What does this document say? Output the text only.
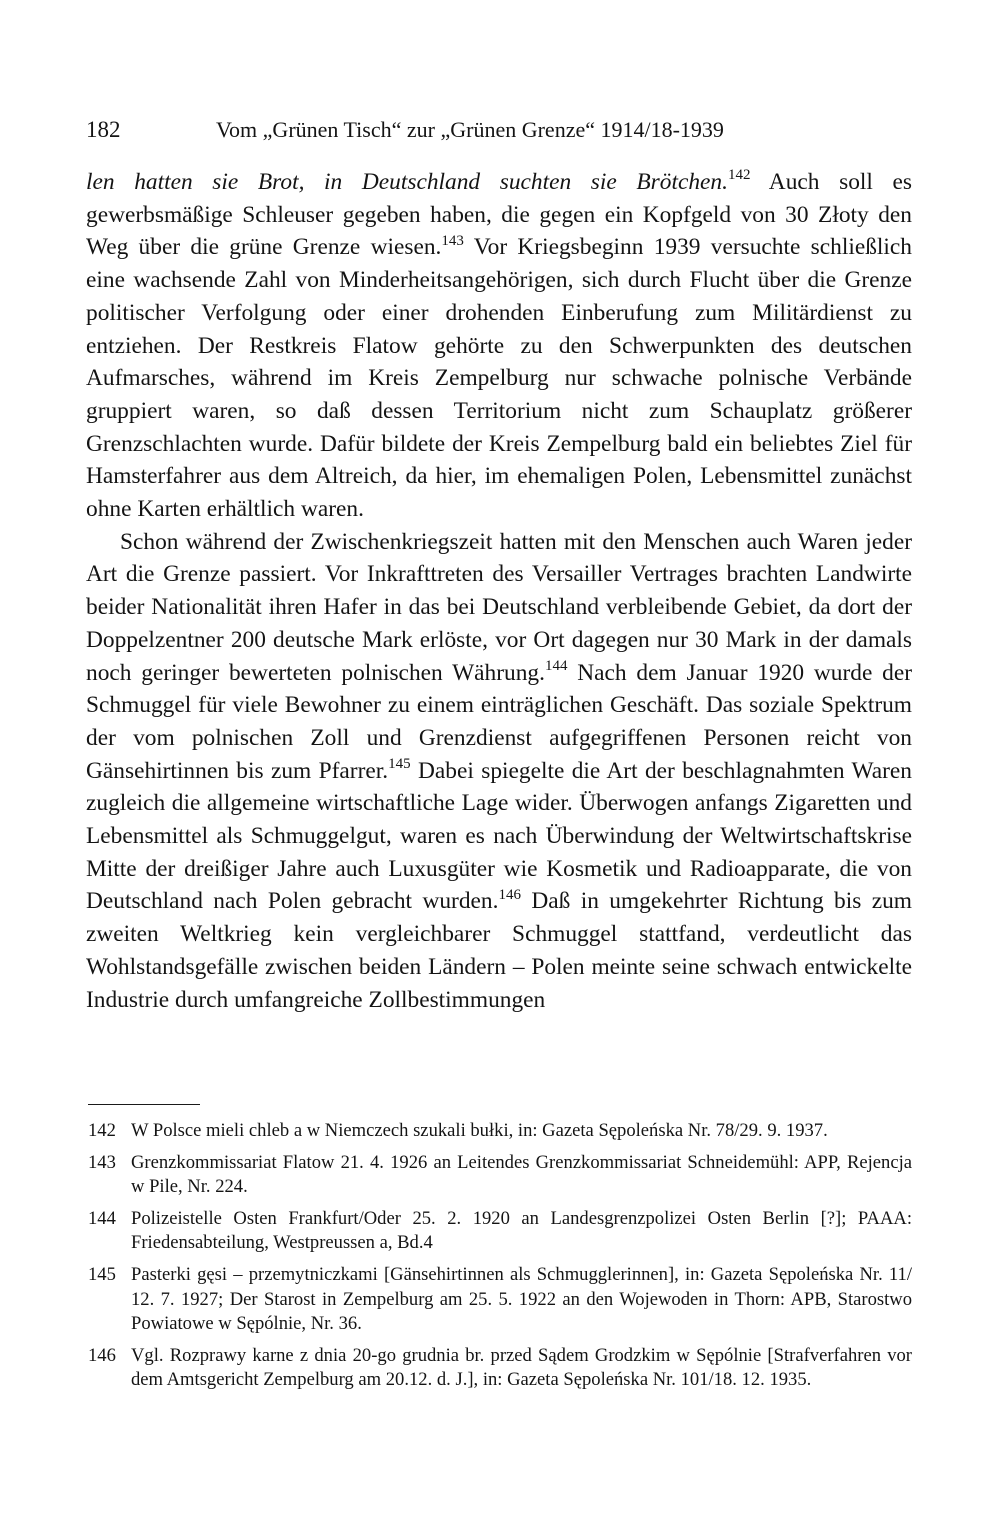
182	Vom „Grünen Tisch“ zur „Grünen Grenze“ 1914/18-1939

len hatten sie Brot, in Deutschland suchten sie Brötchen.$^{142}$ Auch soll es gewerbsmäßige Schleuser gegeben haben, die gegen ein Kopfgeld von 30 Złoty den Weg über die grüne Grenze wiesen.$^{143}$ Vor Kriegsbeginn 1939 versuchte schließlich eine wachsende Zahl von Minderheitsangehörigen, sich durch Flucht über die Grenze politischer Verfolgung oder einer drohenden Einberufung zum Militärdienst zu entziehen. Der Restkreis Flatow gehörte zu den Schwerpunkten des deutschen Aufmarsches, während im Kreis Zempelburg nur schwache polnische Verbände gruppiert waren, so daß dessen Territorium nicht zum Schauplatz größerer Grenzschlachten wurde. Dafür bildete der Kreis Zempelburg bald ein beliebtes Ziel für Hamsterfahrer aus dem Altreich, da hier, im ehemaligen Polen, Lebensmittel zunächst ohne Karten erhältlich waren.

Schon während der Zwischenkriegszeit hatten mit den Menschen auch Waren jeder Art die Grenze passiert. Vor Inkrafttreten des Versailler Vertrages brachten Landwirte beider Nationalität ihren Hafer in das bei Deutschland verbleibende Gebiet, da dort der Doppelzentner 200 deutsche Mark erlöste, vor Ort dagegen nur 30 Mark in der damals noch geringer bewerteten polnischen Währung.$^{144}$ Nach dem Januar 1920 wurde der Schmuggel für viele Bewohner zu einem einträglichen Geschäft. Das soziale Spektrum der vom polnischen Zoll und Grenzdienst aufgegriffenen Personen reicht von Gänsehirtinnen bis zum Pfarrer.$^{145}$ Dabei spiegelte die Art der beschlagnahmten Waren zugleich die allgemeine wirtschaftliche Lage wider. Überwogen anfangs Zigaretten und Lebensmittel als Schmuggelgut, waren es nach Überwindung der Weltwirtschaftskrise Mitte der dreißiger Jahre auch Luxusgüter wie Kosmetik und Radioapparate, die von Deutschland nach Polen gebracht wurden.$^{146}$ Daß in umgekehrter Richtung bis zum zweiten Weltkrieg kein vergleichbarer Schmuggel stattfand, verdeutlicht das Wohlstandsgefälle zwischen beiden Ländern – Polen meinte seine schwach entwickelte Industrie durch umfangreiche Zollbestimmungen

142 W Polsce mieli chleb a w Niemczech szukali bułki, in: Gazeta Sępoleńska Nr. 78/29. 9. 1937.
143 Grenzkommissariat Flatow 21. 4. 1926 an Leitendes Grenzkommissariat Schneidemühl: APP, Rejencja w Pile, Nr. 224.
144 Polizeistelle Osten Frankfurt/Oder 25. 2. 1920 an Landesgrenzpolizei Osten Berlin [?]; PAAA: Friedensabteilung, Westpreussen a, Bd.4
145 Pasterki gęsi – przemytniczkami [Gänsehirtinnen als Schmugglerinnen], in: Gazeta Sępoleńska Nr. 11/ 12. 7. 1927; Der Starost in Zempelburg am 25. 5. 1922 an den Wojewoden in Thorn: APB, Starostwo Powiatowe w Sępólnie, Nr. 36.
146 Vgl. Rozprawy karne z dnia 20-go grudnia br. przed Sądem Grodzkim w Sępólnie [Strafverfahren vor dem Amtsgericht Zempelburg am 20.12. d. J.], in: Gazeta Sępoleńska Nr. 101/18. 12. 1935.
